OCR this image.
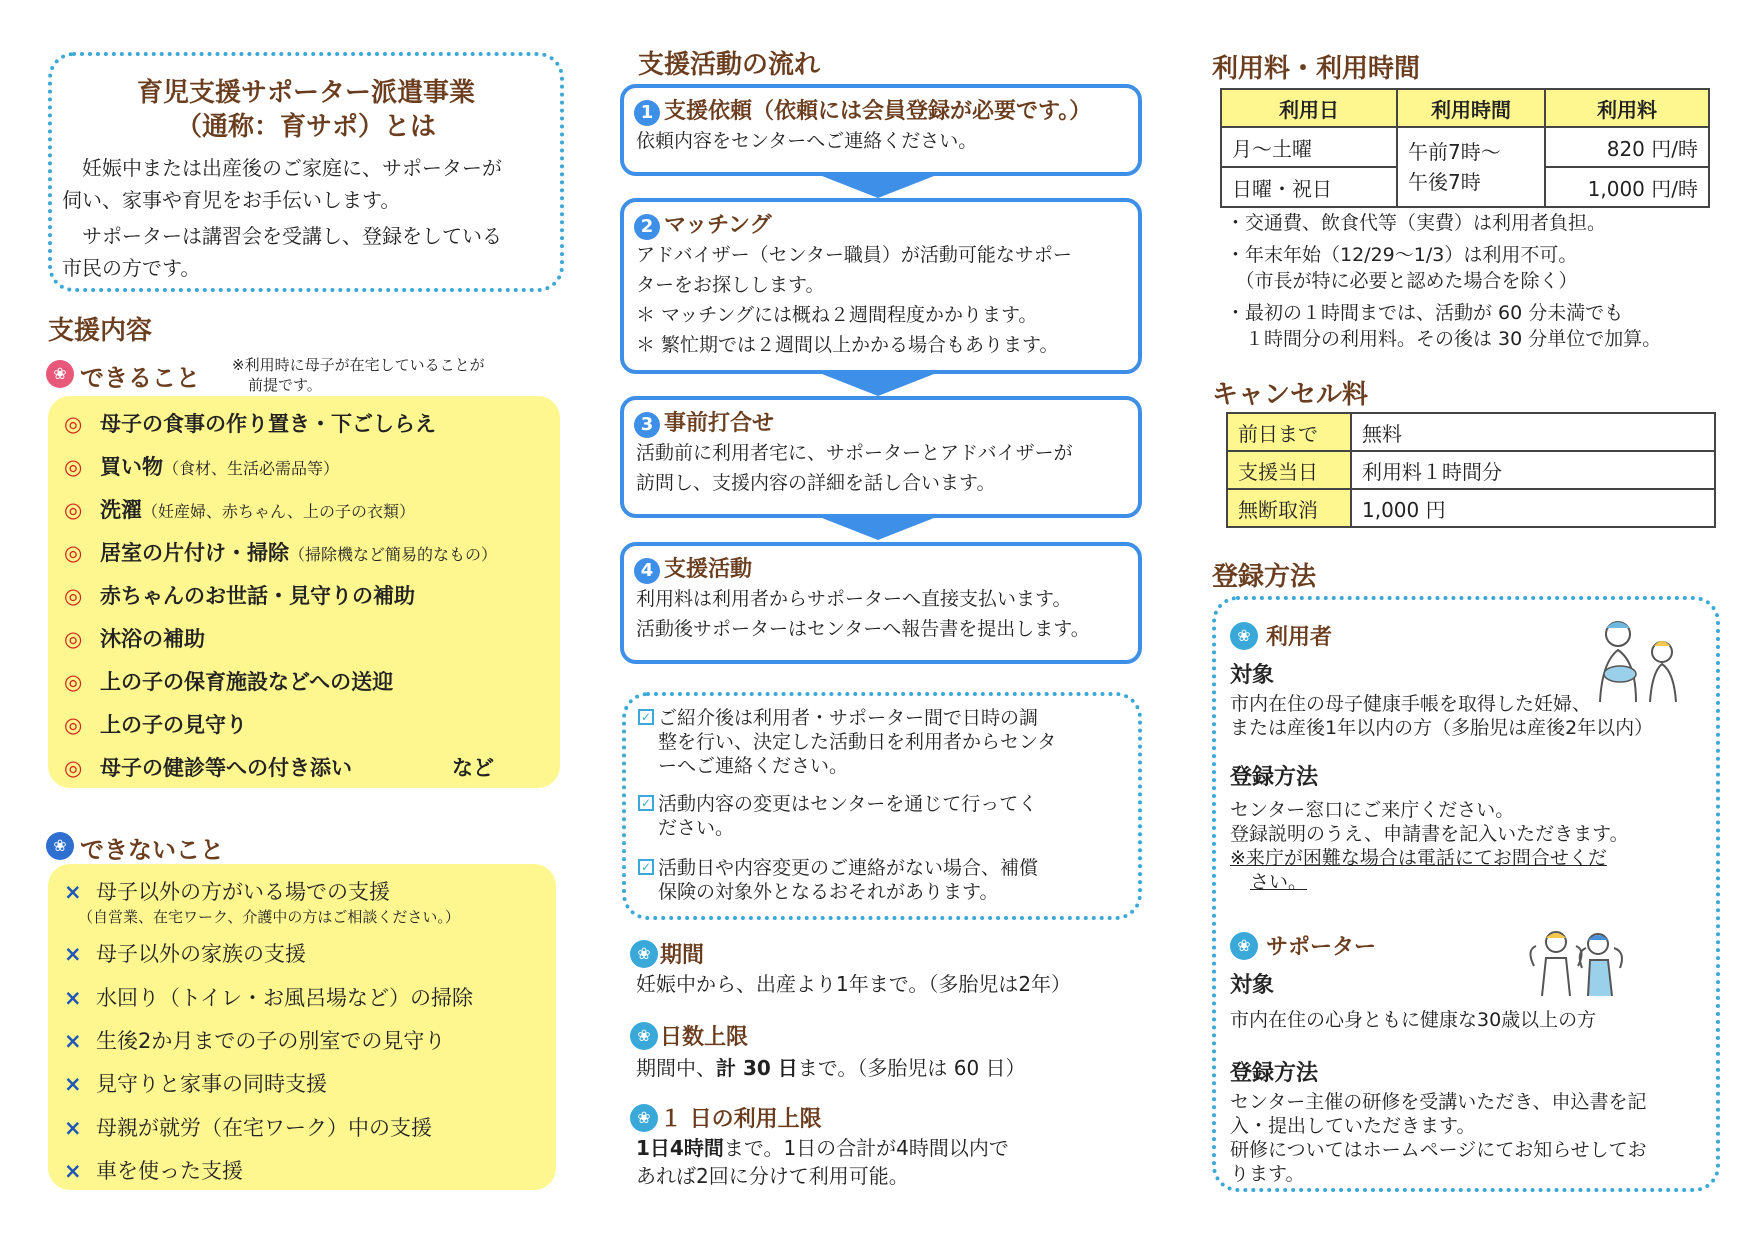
育児支援サポーター派遣事業
（通称：育サポ）とは
　妊娠中または出産後のご家庭に、サポーターが
伺い、家事や育児をお手伝いします。
　サポーターは講習会を受講し、登録をしている
市民の方です。
支援内容
❀ できること ※利用時に母子が在宅していることが
前提です。
◎ 母子の食事の作り置き・下ごしらえ
◎ 買い物（食材、生活必需品等）
◎ 洗濯（妊産婦、赤ちゃん、上の子の衣類）
◎ 居室の片付け・掃除（掃除機など簡易的なもの）
◎ 赤ちゃんのお世話・見守りの補助
◎ 沐浴の補助
◎ 上の子の保育施設などへの送迎
◎ 上の子の見守り
◎ 母子の健診等への付き添い	など
❀ できないこと
× 母子以外の方がいる場での支援
× 母子以外の家族の支援
× 水回り（トイレ・お風呂場など）の掃除
× 生後2か月までの子の別室での見守り
× 見守りと家事の同時支援
× 母親が就労（在宅ワーク）中の支援
× 車を使った支援
（自営業、在宅ワーク、介護中の方はご相談ください。）
支援活動の流れ
1 支援依頼（依頼には会員登録が必要です。）
依頼内容をセンターへご連絡ください。
2 マッチング
アドバイザー（センター職員）が活動可能なサポー
ターをお探しします。
＊ マッチングには概ね２週間程度かかります。
＊ 繁忙期では２週間以上かかる場合もあります。
3 事前打合せ
活動前に利用者宅に、サポーターとアドバイザーが
訪問し、支援内容の詳細を話し合います。
4 支援活動
利用料は利用者からサポーターへ直接支払います。
活動後サポーターはセンターへ報告書を提出します。
✓ ご紹介後は利用者・サポーター間で日時の調
整を行い、決定した活動日を利用者からセンタ
ーへご連絡ください。
✓ 活動内容の変更はセンターを通じて行ってく
ださい。
✓ 活動日や内容変更のご連絡がない場合、補償
保険の対象外となるおそれがあります。
❀ 期間
妊娠中から、出産より1年まで。（多胎児は2年）
❀ 日数上限
期間中、計 30 日まで。（多胎児は 60 日）
❀ １ 日の利用上限
1日4時間まで。1日の合計が4時間以内で
あれば2回に分けて利用可能。
利用料・利用時間
利用日	利用時間	利用料
月～土曜	午前7時～
午後7時	820 円/時
日曜・祝日		1,000 円/時
・交通費、飲食代等（実費）は利用者負担。
・年末年始（12/29～1/3）は利用不可。
　（市長が特に必要と認めた場合を除く）
・最初の１時間までは、活動が 60 分未満でも
　１時間分の利用料。その後は 30 分単位で加算。
キャンセル料
前日まで	無料
支援当日	利用料１時間分
無断取消	1,000 円
登録方法
❀ 利用者
対象
市内在住の母子健康手帳を取得した妊婦、
または産後1年以内の方（多胎児は産後2年以内）
登録方法
センター窓口にご来庁ください。
登録説明のうえ、申請書を記入いただきます。
※来庁が困難な場合は電話にてお問合せくだ
さい。
❀ サポーター
対象
市内在住の心身ともに健康な30歳以上の方
登録方法
センター主催の研修を受講いただき、申込書を記
入・提出していただきます。
研修についてはホームページにてお知らせしてお
ります。
